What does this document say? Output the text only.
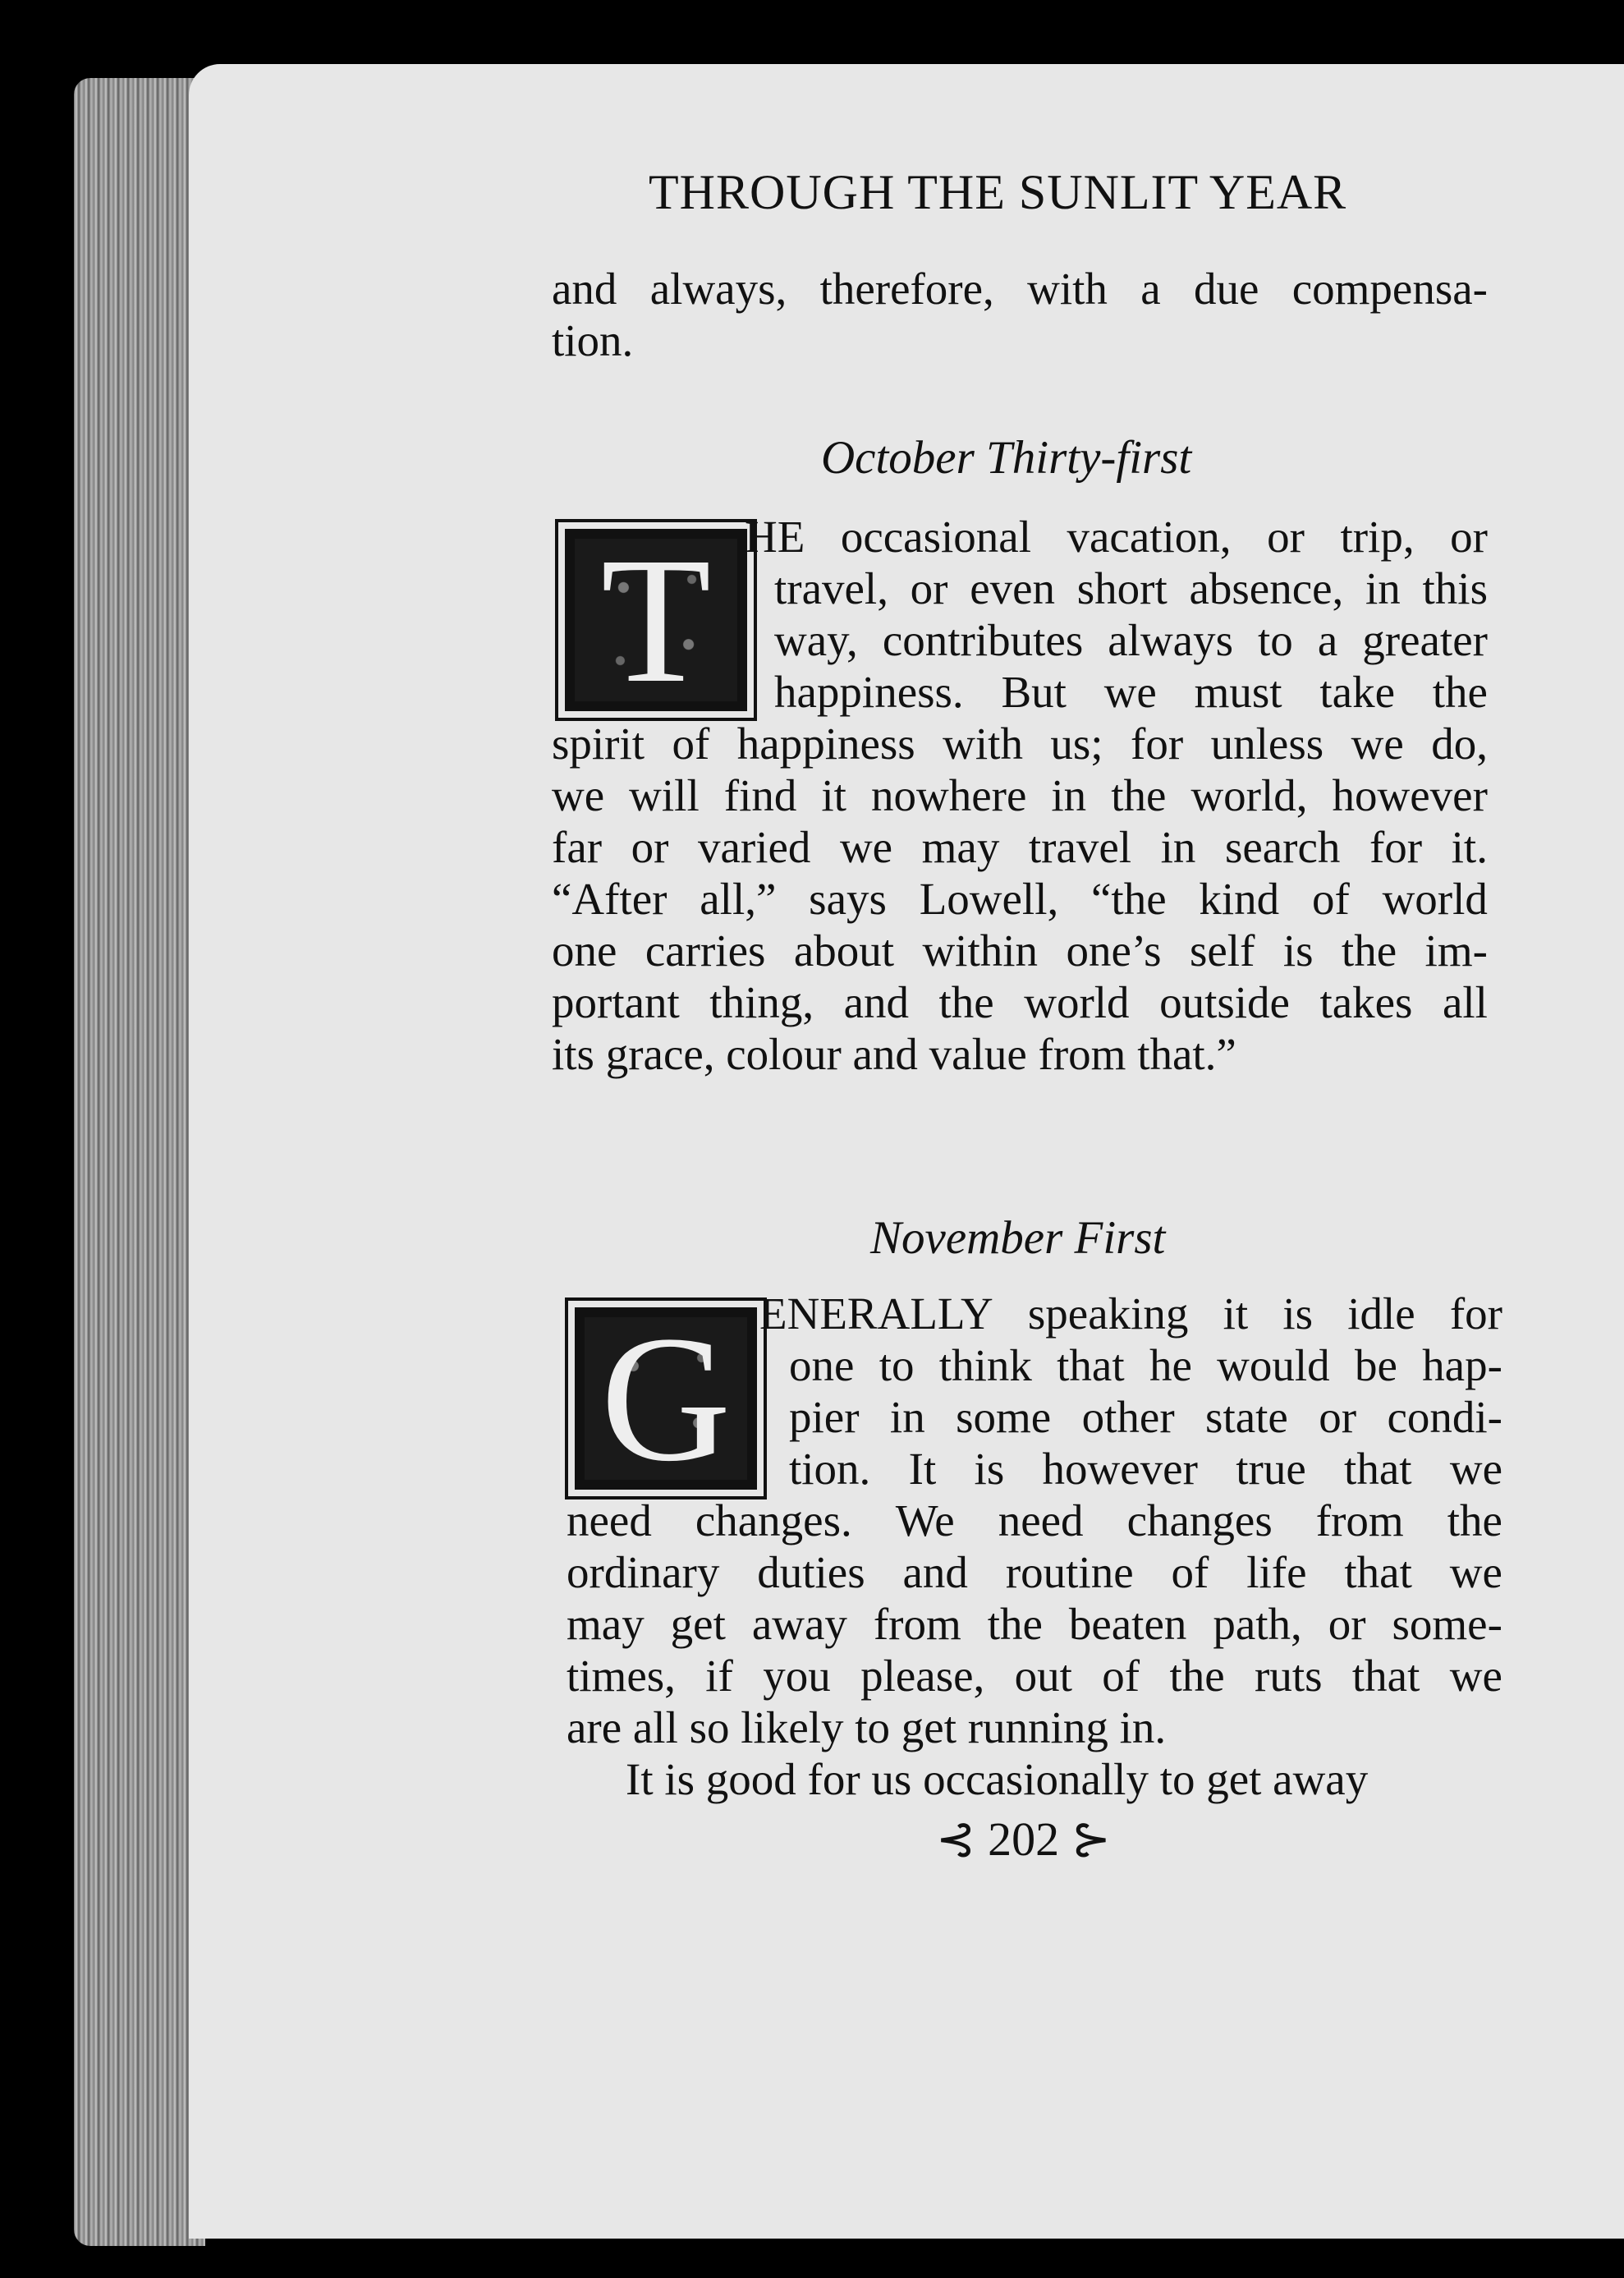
THROUGH THE SUNLIT YEAR
and always, therefore, with a due compensa-
tion.
October Thirty-first
T HE occasional vacation, or trip, or
travel, or even short absence, in this
way, contributes always to a greater
happiness. But we must take the
spirit of happiness with us; for unless we do,
we will find it nowhere in the world, however
far or varied we may travel in search for it.
“After all,” says Lowell, “the kind of world
one carries about within one’s self is the im-
portant thing, and the world outside takes all
its grace, colour and value from that.”
November First
G ENERALLY speaking it is idle for
one to think that he would be hap-
pier in some other state or condi-
tion. It is however true that we
need changes. We need changes from the
ordinary duties and routine of life that we
may get away from the beaten path, or some-
times, if you please, out of the ruts that we
are all so likely to get running in.
It is good for us occasionally to get away
⊰ 202 ⊱
